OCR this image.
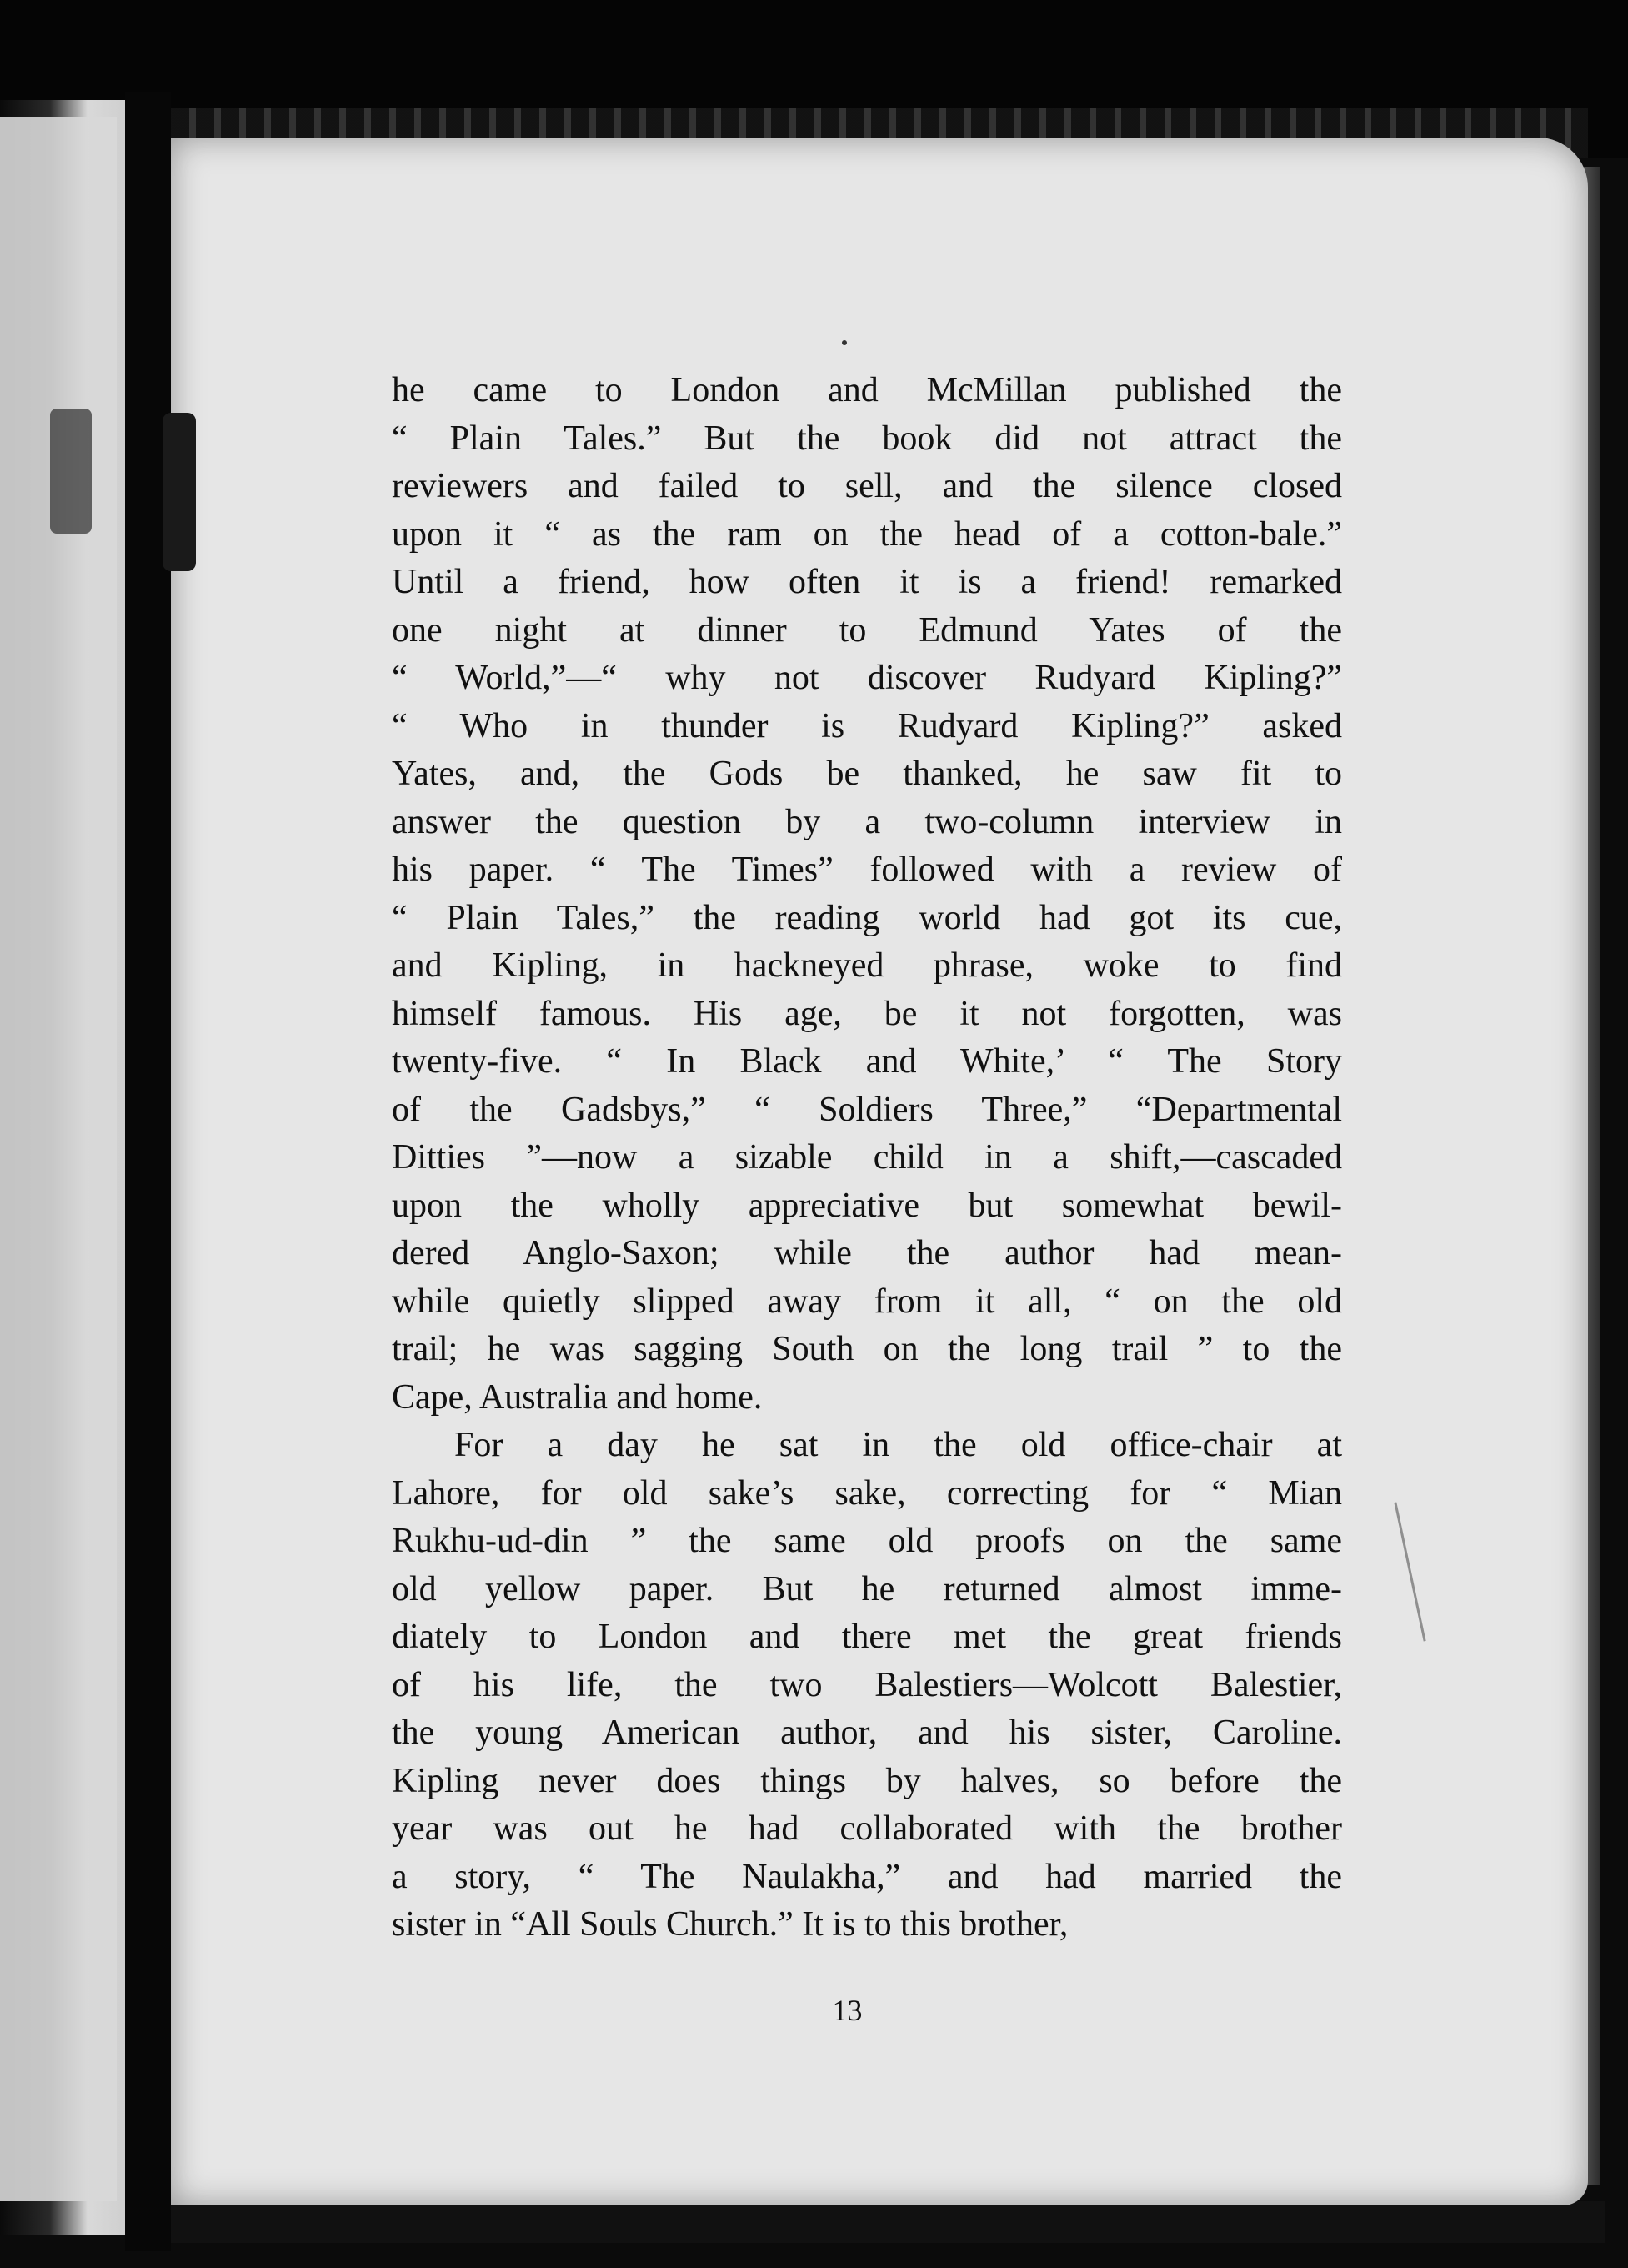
he came to London and McMillan published the
“ Plain Tales.” But the book did not attract the
reviewers and failed to sell, and the silence closed
upon it “ as the ram on the head of a cotton-bale.”
Until a friend, how often it is a friend! remarked
one night at dinner to Edmund Yates of the
“ World,”—“ why not discover Rudyard Kipling?”
“ Who in thunder is Rudyard Kipling?” asked
Yates, and, the Gods be thanked, he saw fit to
answer the question by a two-column interview in
his paper. “ The Times” followed with a review of
“ Plain Tales,” the reading world had got its cue,
and Kipling, in hackneyed phrase, woke to find
himself famous. His age, be it not forgotten, was
twenty-five. “ In Black and White,’ “ The Story
of the Gadsbys,” “ Soldiers Three,” “Departmental
Ditties ”—now a sizable child in a shift,—cascaded
upon the wholly appreciative but somewhat bewil-
dered Anglo-Saxon; while the author had mean-
while quietly slipped away from it all, “ on the old
trail; he was sagging South on the long trail ” to the
Cape, Australia and home.
For a day he sat in the old office-chair at
Lahore, for old sake’s sake, correcting for “ Mian
Rukhu-ud-din ” the same old proofs on the same
old yellow paper. But he returned almost imme-
diately to London and there met the great friends
of his life, the two Balestiers—Wolcott Balestier,
the young American author, and his sister, Caroline.
Kipling never does things by halves, so before the
year was out he had collaborated with the brother
a story, “ The Naulakha,” and had married the
sister in “All Souls Church.” It is to this brother,
13
